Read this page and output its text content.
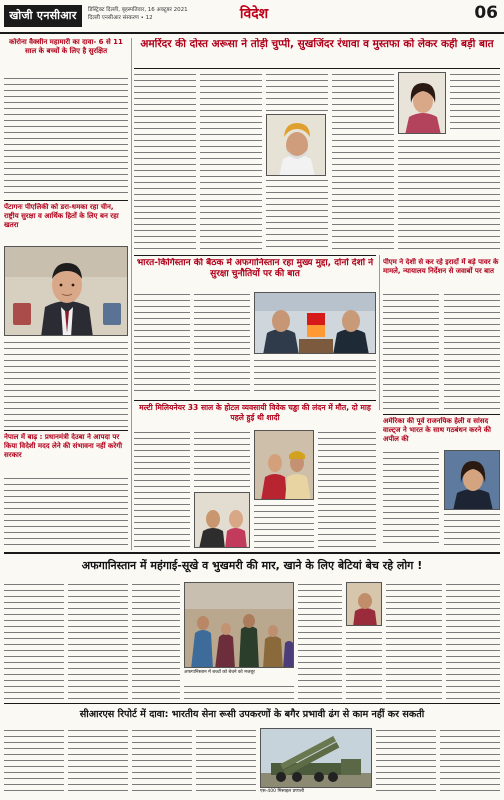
खोजी एनसीआर	डिस्ट्रिक्ट दिल्ली, बृहस्पतिवार, 16 अक्टूबर 2021
दिल्ली एनसीआर संस्करण • 12	विदेश	06
कोरोना वैक्सीन महामारी का दावा- 6 से 11 साल के बच्चों के लिए है सुरक्षित
पेंटागनः पीएलिकी को डरा-धमका रहा चीन, राष्ट्रीय सुरक्षा व आर्थिक हितों के लिए बन रहा खतरा
नेपाल में बाढ़ : प्रधानमंत्री देउबा ने आपदा पर किया विदेशी मदद लेने की संभावना नहीं करेगी सरकार
अमरिंदर की दोस्त अरूसा ने तोड़ी चुप्पी, सुखजिंदर रंधावा व मुस्तफा को लेकर कही बड़ी बात
भारत-किर्गिस्तान की बैठक में अफगानिस्तान रहा मुख्य मुद्दा, दोनों देशों ने सुरक्षा चुनौतियों पर की बात
पीएम ने देशी से कर रहे इरादों में बड़े पावर के मामले, न्यायालय निर्देशन से जवाबों पर बात
मल्टी मिलियनेयर 33 साल के होटल व्यवसायी विवेक चड्ढा की लंदन में मौत, दो माह पहले हुई थी शादी	अमेरिका की पूर्व राजनयिक हेली व सांसद वाल्ट्ज ने भारत के साथ गठबंधन करने की अपील की
अफगानिस्तान में महंगाई-सूखे व भुखमरी की मार, खाने के लिए बेटियां बेच रहे लोग !
अफगानिस्तान में बच्चों को बेचने को मजबूर
सीआरएस रिपोर्ट में दावा: भारतीय सेना रूसी उपकरणों के बगैर प्रभावी ढंग से काम नहीं कर सकती
एस-400 मिसाइल प्रणाली
